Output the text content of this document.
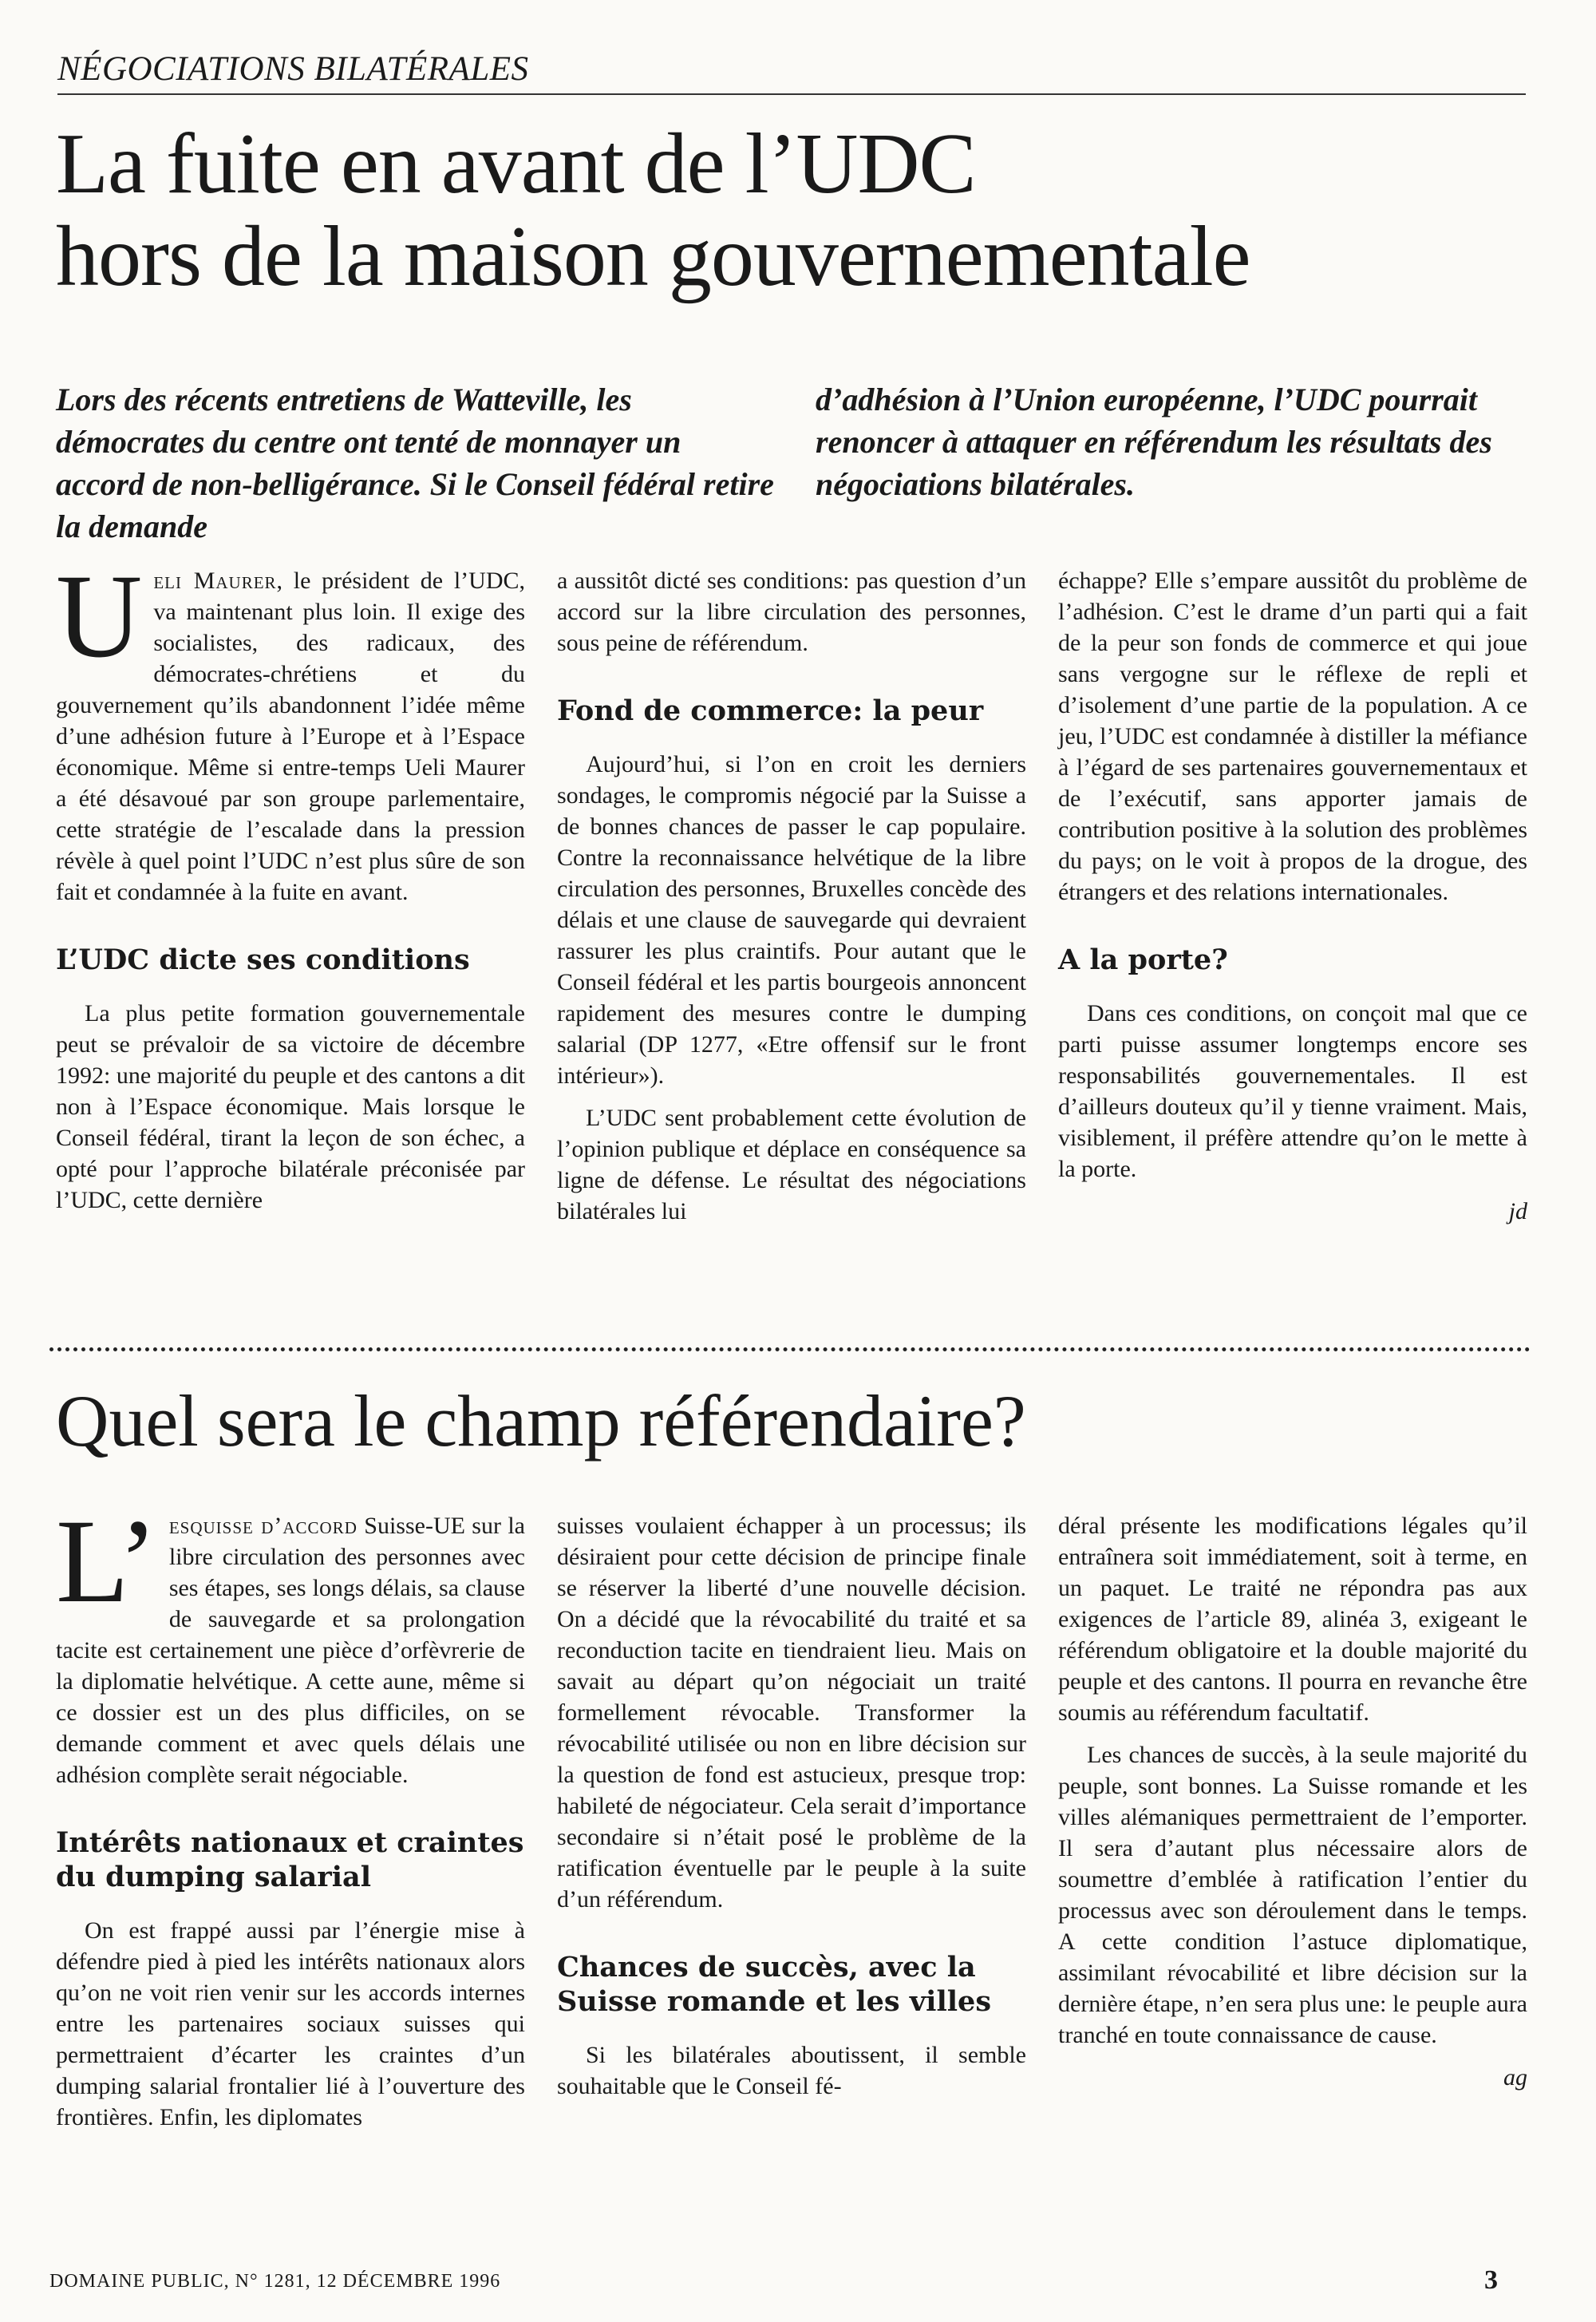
NÉGOCIATIONS BILATÉRALES
La fuite en avant de l’UDC
hors de la maison gouvernementale
Lors des récents entretiens de Watteville, les démocrates du centre ont tenté de monnayer un accord de non-belligérance. Si le Conseil fédéral retire la demande
d’adhésion à l’Union européenne, l’UDC pourrait renoncer à attaquer en référendum les résultats des négociations bilatérales.

Ueli Maurer, le président de l’UDC, va maintenant plus loin. Il exige des socialistes, des radicaux, des démocrates-chrétiens et du gouvernement qu’ils abandonnent l’idée même d’une adhésion future à l’Europe et à l’Espace économique. Même si entre-temps Ueli Maurer a été désavoué par son groupe parlementaire, cette stratégie de l’escalade dans la pression révèle à quel point l’UDC n’est plus sûre de son fait et condamnée à la fuite en avant.

L’UDC dicte ses conditions

La plus petite formation gouvernementale peut se prévaloir de sa victoire de décembre 1992: une majorité du peuple et des cantons a dit non à l’Espace économique. Mais lorsque le Conseil fédéral, tirant la leçon de son échec, a opté pour l’approche bilatérale préconisée par l’UDC, cette dernière

a aussitôt dicté ses conditions: pas question d’un accord sur la libre circulation des personnes, sous peine de référendum.

Fond de commerce: la peur

Aujourd’hui, si l’on en croit les derniers sondages, le compromis négocié par la Suisse a de bonnes chances de passer le cap populaire. Contre la reconnaissance helvétique de la libre circulation des personnes, Bruxelles concède des délais et une clause de sauvegarde qui devraient rassurer les plus craintifs. Pour autant que le Conseil fédéral et les partis bourgeois annoncent rapidement des mesures contre le dumping salarial (DP 1277, «Etre offensif sur le front intérieur»).

L’UDC sent probablement cette évolution de l’opinion publique et déplace en conséquence sa ligne de défense. Le résultat des négociations bilatérales lui

échappe? Elle s’empare aussitôt du problème de l’adhésion. C’est le drame d’un parti qui a fait de la peur son fonds de commerce et qui joue sans vergogne sur le réflexe de repli et d’isolement d’une partie de la population. A ce jeu, l’UDC est condamnée à distiller la méfiance à l’égard de ses partenaires gouvernementaux et de l’exécutif, sans apporter jamais de contribution positive à la solution des problèmes du pays; on le voit à propos de la drogue, des étrangers et des relations internationales.

A la porte?

Dans ces conditions, on conçoit mal que ce parti puisse assumer longtemps encore ses responsabilités gouvernementales. Il est d’ailleurs douteux qu’il y tienne vraiment. Mais, visiblement, il préfère attendre qu’on le mette à la porte.

jd
Quel sera le champ référendaire?

L’ esquisse d’accord Suisse-UE sur la libre circulation des personnes avec ses étapes, ses longs délais, sa clause de sauvegarde et sa prolongation tacite est certainement une pièce d’orfèvrerie de la diplomatie helvétique. A cette aune, même si ce dossier est un des plus difficiles, on se demande comment et avec quels délais une adhésion complète serait négociable.

Intérêts nationaux et craintes du dumping salarial

On est frappé aussi par l’énergie mise à défendre pied à pied les intérêts nationaux alors qu’on ne voit rien venir sur les accords internes entre les partenaires sociaux suisses qui permettraient d’écarter les craintes d’un dumping salarial frontalier lié à l’ouverture des frontières. Enfin, les diplomates

suisses voulaient échapper à un processus; ils désiraient pour cette décision de principe finale se réserver la liberté d’une nouvelle décision. On a décidé que la révocabilité du traité et sa reconduction tacite en tiendraient lieu. Mais on savait au départ qu’on négociait un traité formellement révocable. Transformer la révocabilité utilisée ou non en libre décision sur la question de fond est astucieux, presque trop: habileté de négociateur. Cela serait d’importance secondaire si n’était posé le problème de la ratification éventuelle par le peuple à la suite d’un référendum.

Chances de succès, avec la Suisse romande et les villes

Si les bilatérales aboutissent, il semble souhaitable que le Conseil fé-

déral présente les modifications légales qu’il entraînera soit immédiatement, soit à terme, en un paquet. Le traité ne répondra pas aux exigences de l’article 89, alinéa 3, exigeant le référendum obligatoire et la double majorité du peuple et des cantons. Il pourra en revanche être soumis au référendum facultatif.

Les chances de succès, à la seule majorité du peuple, sont bonnes. La Suisse romande et les villes alémaniques permettraient de l’emporter. Il sera d’autant plus nécessaire alors de soumettre d’emblée à ratification l’entier du processus avec son déroulement dans le temps. A cette condition l’astuce diplomatique, assimilant révocabilité et libre décision sur la dernière étape, n’en sera plus une: le peuple aura tranché en toute connaissance de cause.

ag
DOMAINE PUBLIC, N° 1281, 12 DÉCEMBRE 1996	3
